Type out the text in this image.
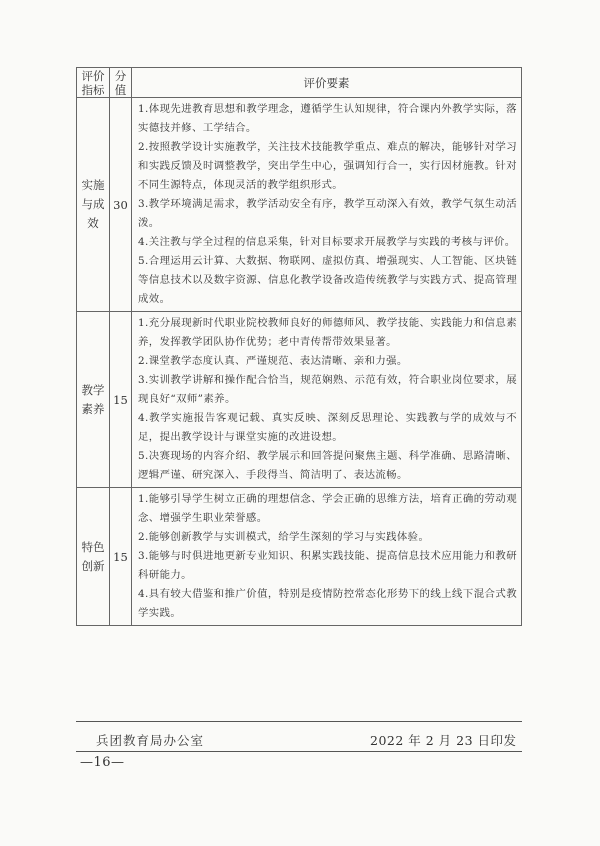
评价指标	分值	评价要素
实施与成效	30	1.体现先进教育思想和教学理念，遵循学生认知规律，符合课内外教学实际，落实德技并修、工学结合。
2.按照教学设计实施教学，关注技术技能教学重点、难点的解决，能够针对学习和实践反馈及时调整教学，突出学生中心，强调知行合一，实行因材施教。针对不同生源特点，体现灵活的教学组织形式。
3.教学环境满足需求，教学活动安全有序，教学互动深入有效，教学气氛生动活泼。
4.关注教与学全过程的信息采集，针对目标要求开展教学与实践的考核与评价。
5.合理运用云计算、大数据、物联网、虚拟仿真、增强现实、人工智能、区块链等信息技术以及数字资源、信息化教学设备改造传统教学与实践方式、提高管理成效。

教学素养	15	1.充分展现新时代职业院校教师良好的师德师风、教学技能、实践能力和信息素养，发挥教学团队协作优势；老中青传帮带效果显著。
2.课堂教学态度认真、严谨规范、表达清晰、亲和力强。
3.实训教学讲解和操作配合恰当，规范娴熟、示范有效，符合职业岗位要求，展现良好“双师”素养。
4.教学实施报告客观记载、真实反映、深刻反思理论、实践教与学的成效与不足，提出教学设计与课堂实施的改进设想。
5.决赛现场的内容介绍、教学展示和回答提问聚焦主题、科学准确、思路清晰、逻辑严谨、研究深入、手段得当、简洁明了、表达流畅。

特色创新	15	1.能够引导学生树立正确的理想信念、学会正确的思维方法，培育正确的劳动观念、增强学生职业荣誉感。
2.能够创新教学与实训模式，给学生深刻的学习与实践体验。
3.能够与时俱进地更新专业知识、积累实践技能、提高信息技术应用能力和教研科研能力。
4.具有较大借鉴和推广价值，特别是疫情防控常态化形势下的线上线下混合式教学实践。
兵团教育局办公室	2022 年 2 月 23 日印发
—16—
